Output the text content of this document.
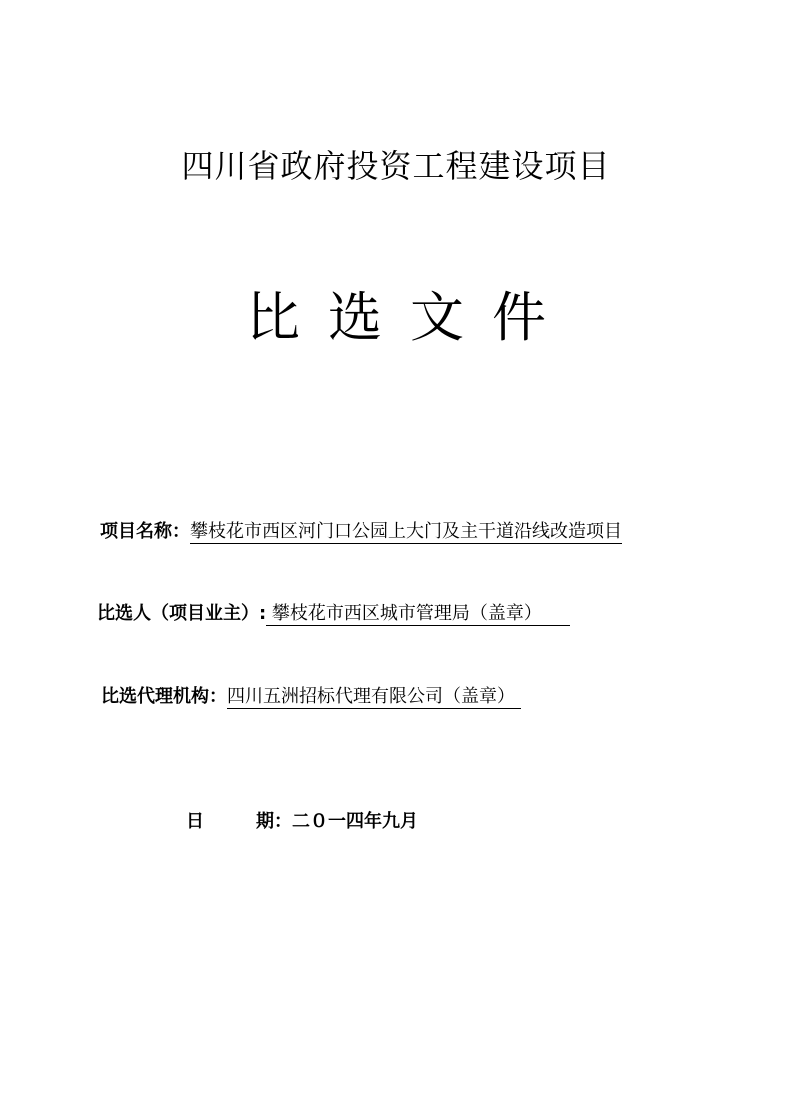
四川省政府投资工程建设项目
比选文件
项目名称：攀枝花市西区河门口公园上大门及主干道沿线改造项目
比选人（项目业主）: 攀枝花市西区城市管理局（盖章）
比选代理机构：四川五洲招标代理有限公司（盖章）
日	期：二０一四年九月
